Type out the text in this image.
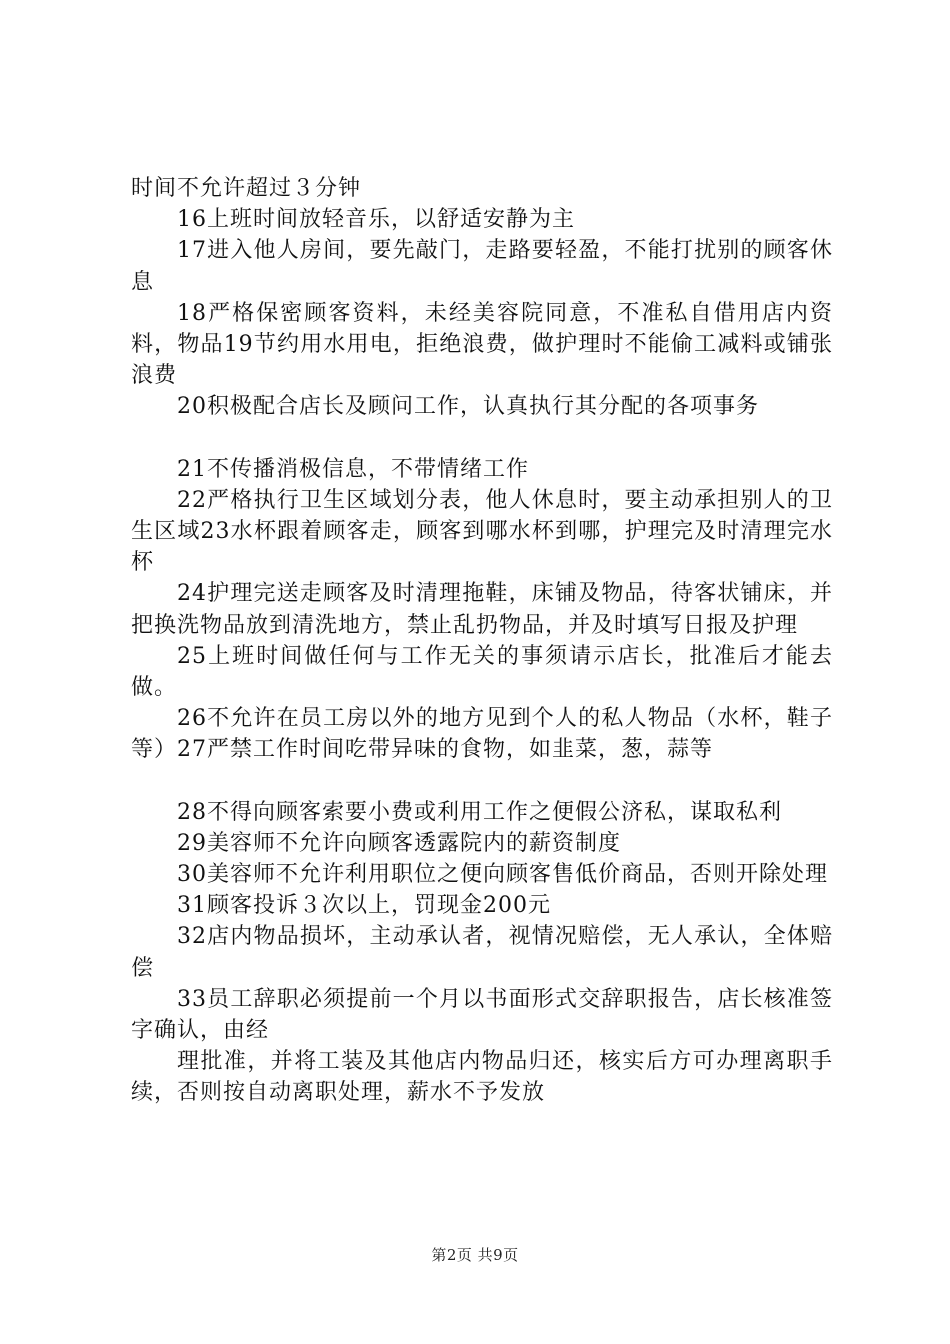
时间不允许超过３分钟

16上班时间放轻音乐，以舒适安静为主

17进入他人房间，要先敲门，走路要轻盈，不能打扰别的顾客休息

18严格保密顾客资料，未经美容院同意，不准私自借用店内资料，物品19节约用水用电，拒绝浪费，做护理时不能偷工减料或铺张浪费

20积极配合店长及顾问工作，认真执行其分配的各项事务

21不传播消极信息，不带情绪工作

22严格执行卫生区域划分表，他人休息时，要主动承担别人的卫生区域23水杯跟着顾客走，顾客到哪水杯到哪，护理完及时清理完水杯

24护理完送走顾客及时清理拖鞋，床铺及物品，待客状铺床，并把换洗物品放到清洗地方，禁止乱扔物品，并及时填写日报及护理

25上班时间做任何与工作无关的事须请示店长，批准后才能去做。

26不允许在员工房以外的地方见到个人的私人物品（水杯，鞋子等）27严禁工作时间吃带异味的食物，如韭菜，葱，蒜等

28不得向顾客索要小费或利用工作之便假公济私，谋取私利

29美容师不允许向顾客透露院内的薪资制度

30美容师不允许利用职位之便向顾客售低价商品，否则开除处理

31顾客投诉３次以上，罚现金200元

32店内物品损坏，主动承认者，视情况赔偿，无人承认，全体赔偿

33员工辞职必须提前一个月以书面形式交辞职报告，店长核准签字确认，由经

理批准，并将工装及其他店内物品归还，核实后方可办理离职手续，否则按自动离职处理，薪水不予发放

第2页 共9页
